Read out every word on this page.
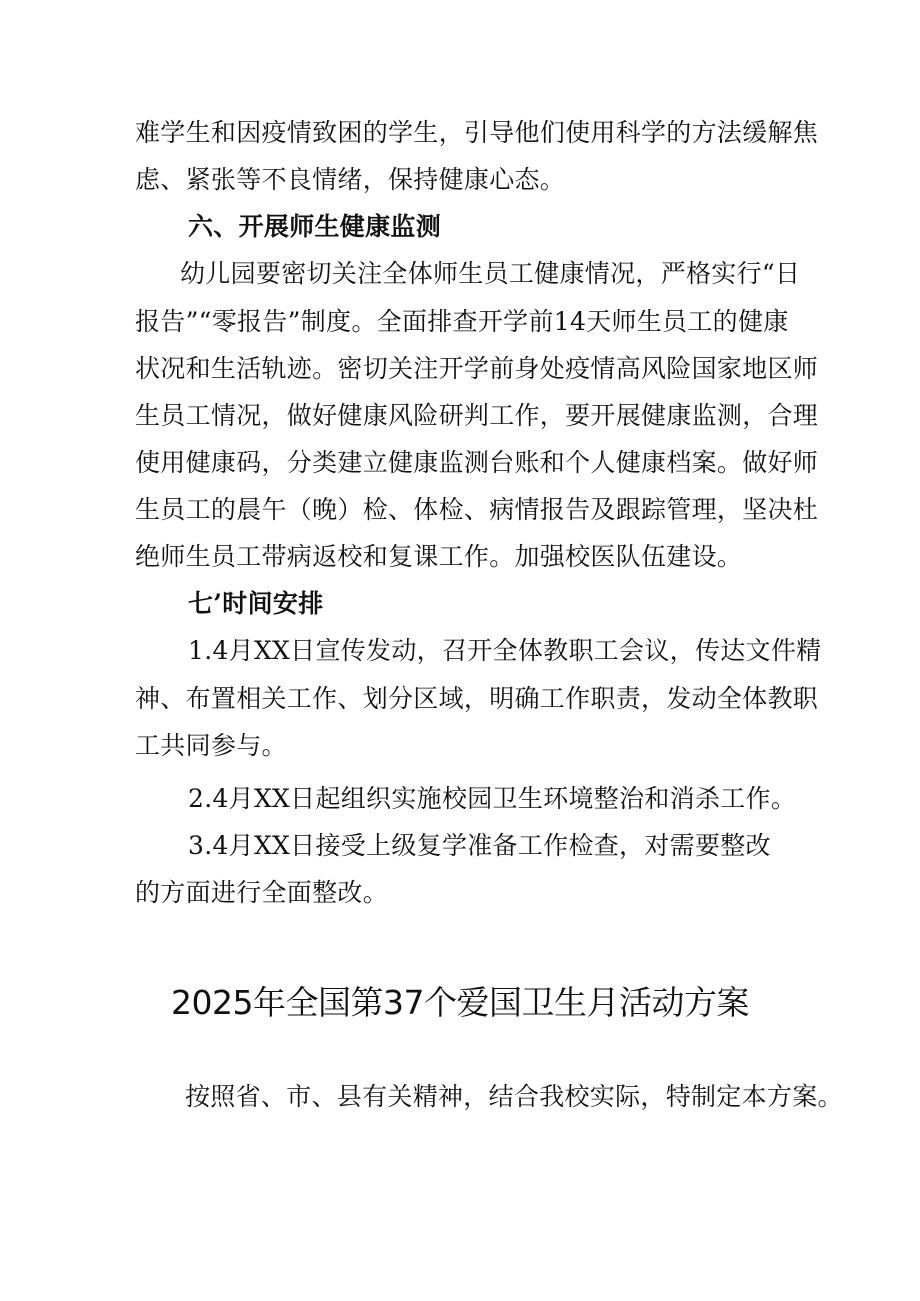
难学生和因疫情致困的学生，引导他们使用科学的方法缓解焦
虑、紧张等不良情绪，保持健康心态。
六、开展师生健康监测
幼儿园要密切关注全体师生员工健康情况，严格实行“日
报告”“零报告”制度。全面排查开学前14天师生员工的健康
状况和生活轨迹。密切关注开学前身处疫情高风险国家地区师
生员工情况，做好健康风险研判工作，要开展健康监测，合理
使用健康码，分类建立健康监测台账和个人健康档案。做好师
生员工的晨午（晚）检、体检、病情报告及跟踪管理，坚决杜
绝师生员工带病返校和复课工作。加强校医队伍建设。
七’时间安排
1.4月XX日宣传发动，召开全体教职工会议，传达文件精
神、布置相关工作、划分区域，明确工作职责，发动全体教职
工共同参与。
2.4月XX日起组织实施校园卫生环境整治和消杀工作。
3.4月XX日接受上级复学准备工作检查，对需要整改
的方面进行全面整改。
2025年全国第37个爱国卫生月活动方案
按照省、市、县有关精神，结合我校实际，特制定本方案。
